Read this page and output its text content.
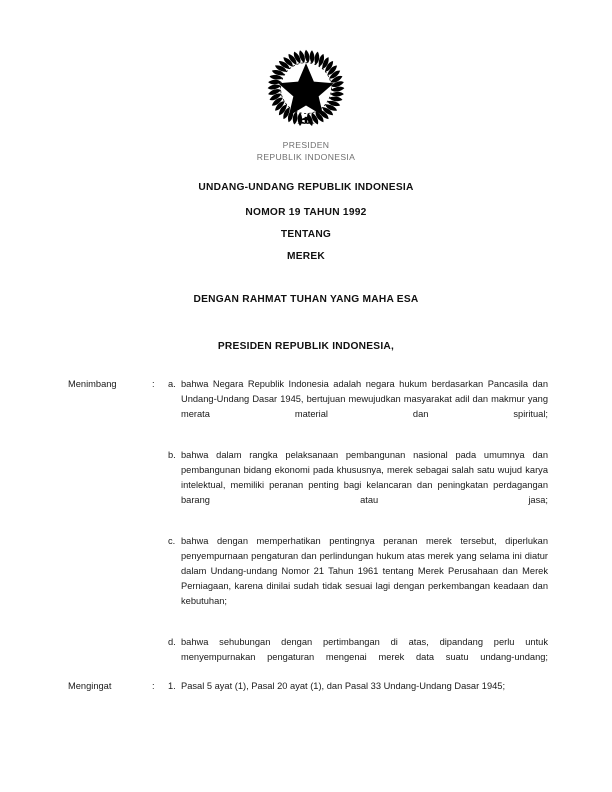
PRESIDEN
REPUBLIK INDONESIA
UNDANG-UNDANG REPUBLIK INDONESIA
NOMOR 19 TAHUN 1992
TENTANG
MEREK
DENGAN RAHMAT TUHAN YANG MAHA ESA
PRESIDEN REPUBLIK INDONESIA,
Menimbang	:	a. bahwa Negara Republik Indonesia adalah negara hukum berdasarkan Pancasila dan Undang-Undang Dasar 1945, bertujuan mewujudkan masyarakat adil dan makmur yang merata material dan spiritual;
b. bahwa dalam rangka pelaksanaan pembangunan nasional pada umumnya dan pembangunan bidang ekonomi pada khususnya, merek sebagai salah satu wujud karya intelektual, memiliki peranan penting bagi kelancaran dan peningkatan perdagangan barang atau jasa;
c. bahwa dengan memperhatikan pentingnya peranan merek tersebut, diperlukan penyempurnaan pengaturan dan perlindungan hukum atas merek yang selama ini diatur dalam Undang-undang Nomor 21 Tahun 1961 tentang Merek Perusahaan dan Merek Perniagaan, karena dinilai sudah tidak sesuai lagi dengan perkembangan keadaan dan kebutuhan;
d. bahwa sehubungan dengan pertimbangan di atas, dipandang perlu untuk menyempurnakan pengaturan mengenai merek data suatu undang-undang;
Mengingat	:	1. Pasal 5 ayat (1), Pasal 20 ayat (1), dan Pasal 33 Undang-Undang Dasar 1945;
